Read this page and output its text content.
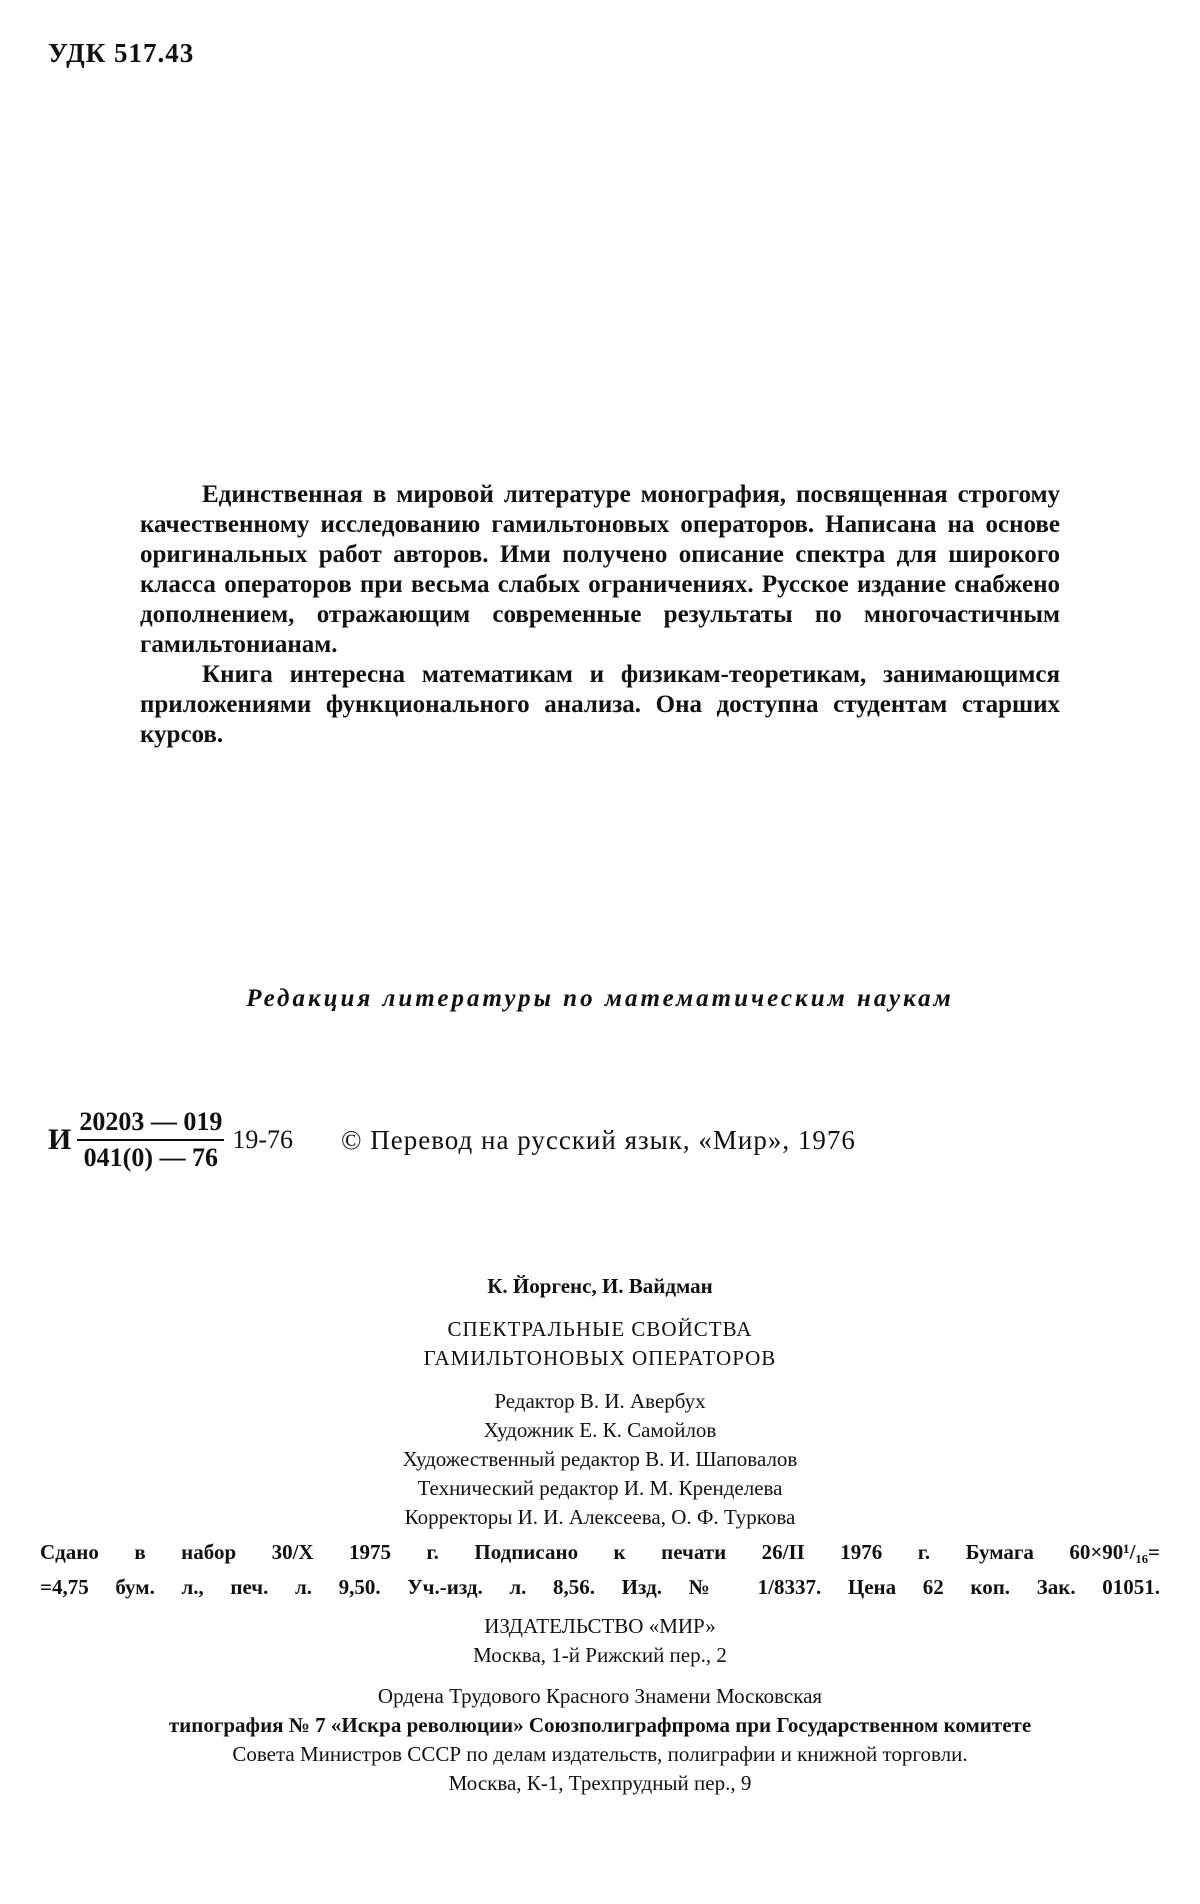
УДК 517.43

Единственная в мировой литературе монография, посвященная строгому качественному исследованию гамильтоновых операторов. Написана на основе оригинальных работ авторов. Ими получено описание спектра для широкого класса операторов при весьма слабых ограничениях. Русское издание снабжено дополнением, отражающим современные результаты по многочастичным гамильтонианам.

Книга интересна математикам и физикам-теоретикам, занимающимся приложениями функционального анализа. Она доступна студентам старших курсов.

Редакция литературы по математическим наукам
И $\frac{20203 — 019}{041(0) — 76} 19-76$ © Перевод на русский язык, «Мир», 1976
К. Йоргенс, И. Вайдман
СПЕКТРАЛЬНЫЕ СВОЙСТВА
ГАМИЛЬТОНОВЫХ ОПЕРАТОРОВ
Редактор В. И. Авербух
Художник Е. К. Самойлов
Художественный редактор В. И. Шаповалов
Технический редактор И. М. Кренделева
Корректоры И. И. Алексеева, О. Ф. Туркова
Сдано в набор 30/X 1975 г. Подписано к печати 26/II 1976 г. Бумага 60×90¹/₁₆=
=4,75 бум. л., печ. л. 9,50. Уч.-изд. л. 8,56. Изд. № 1/8337. Цена 62 коп. Зак. 01051.
ИЗДАТЕЛЬСТВО «МИР»
Москва, 1-й Рижский пер., 2
Ордена Трудового Красного Знамени Московская
типография № 7 «Искра революции» Союзполиграфпрома при Государственном комитете
Совета Министров СССР по делам издательств, полиграфии и книжной торговли.
Москва, К-1, Трехпрудный пер., 9
